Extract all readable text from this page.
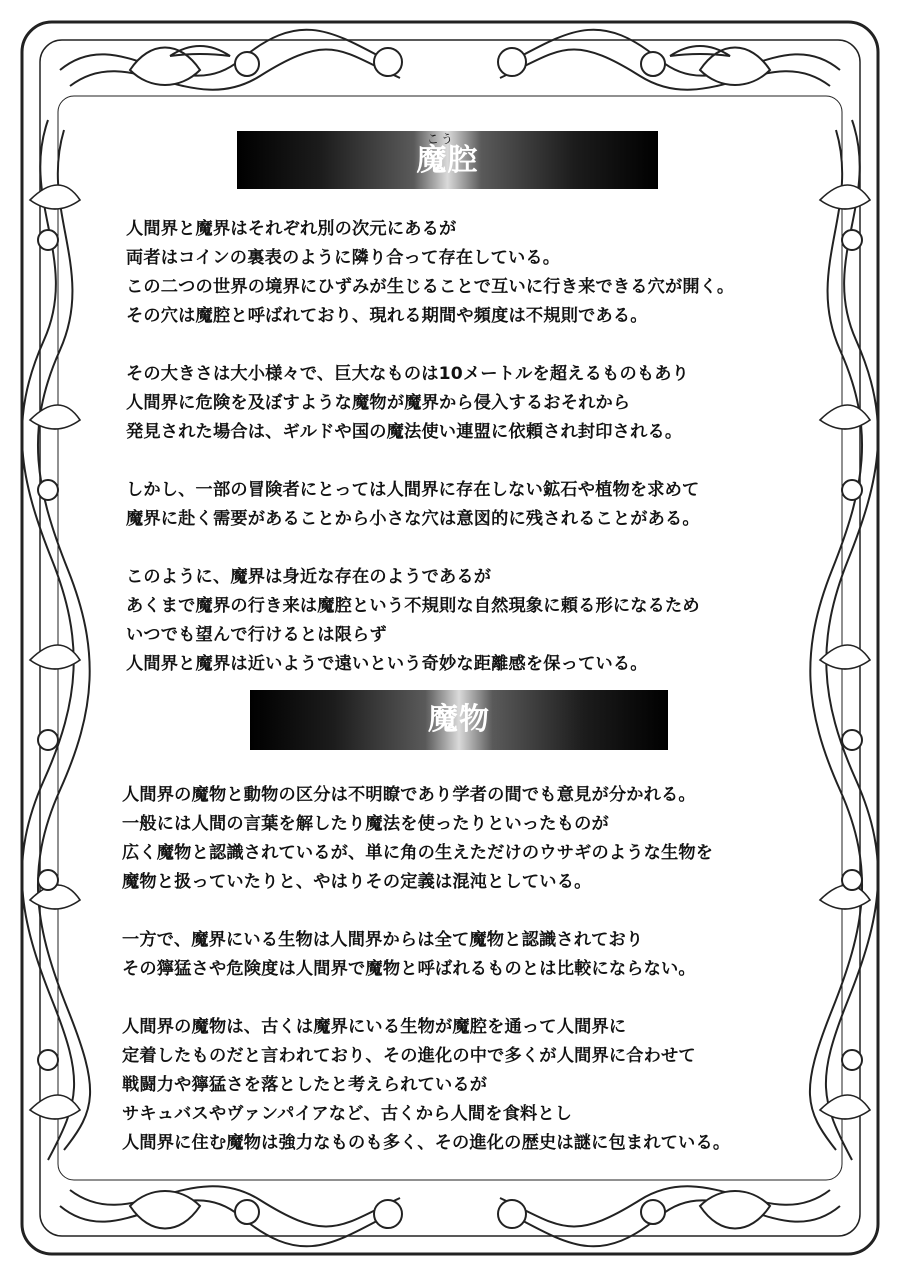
魔腔
こう
人間界と魔界はそれぞれ別の次元にあるが
両者はコインの裏表のように隣り合って存在している。
この二つの世界の境界にひずみが生じることで互いに行き来できる穴が開く。
その穴は魔腔と呼ばれており、現れる期間や頻度は不規則である。
その大きさは大小様々で、巨大なものは10メートルを超えるものもあり
人間界に危険を及ぼすような魔物が魔界から侵入するおそれから
発見された場合は、ギルドや国の魔法使い連盟に依頼され封印される。
しかし、一部の冒険者にとっては人間界に存在しない鉱石や植物を求めて
魔界に赴く需要があることから小さな穴は意図的に残されることがある。
このように、魔界は身近な存在のようであるが
あくまで魔界の行き来は魔腔という不規則な自然現象に頼る形になるため
いつでも望んで行けるとは限らず
人間界と魔界は近いようで遠いという奇妙な距離感を保っている。
魔物
人間界の魔物と動物の区分は不明瞭であり学者の間でも意見が分かれる。
一般には人間の言葉を解したり魔法を使ったりといったものが
広く魔物と認識されているが、単に角の生えただけのウサギのような生物を
魔物と扱っていたりと、やはりその定義は混沌としている。
一方で、魔界にいる生物は人間界からは全て魔物と認識されており
その獰猛さや危険度は人間界で魔物と呼ばれるものとは比較にならない。
人間界の魔物は、古くは魔界にいる生物が魔腔を通って人間界に
定着したものだと言われており、その進化の中で多くが人間界に合わせて
戦闘力や獰猛さを落としたと考えられているが
サキュバスやヴァンパイアなど、古くから人間を食料とし
人間界に住む魔物は強力なものも多く、その進化の歴史は謎に包まれている。
